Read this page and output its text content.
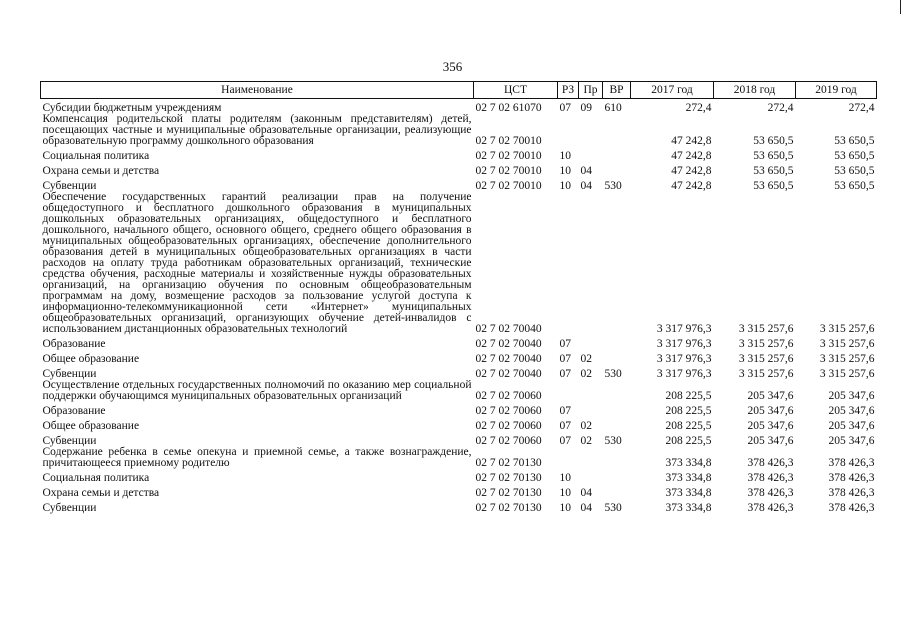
356
Наименование	ЦСТ	РЗ	Пр	ВР	2017 год	2018 год	2019 год
Субсидии бюджетным учреждениям	02 7 02 61070	07	09	610	272,4	272,4	272,4
Компенсация родительской платы родителям (законным представителям) детей, посещающих частные и муниципальные образовательные организации, реализующие образовательную программу дошкольного образования	02 7 02 70010				47 242,8	53 650,5	53 650,5
Социальная политика	02 7 02 70010	10			47 242,8	53 650,5	53 650,5
Охрана семьи и детства	02 7 02 70010	10	04		47 242,8	53 650,5	53 650,5
Субвенции	02 7 02 70010	10	04	530	47 242,8	53 650,5	53 650,5
Обеспечение государственных гарантий реализации прав на получение общедоступного и бесплатного дошкольного образования в муниципальных дошкольных образовательных организациях, общедоступного и бесплатного дошкольного, начального общего, основного общего, среднего общего образования в муниципальных общеобразовательных организациях, обеспечение дополнительного образования детей в муниципальных общеобразовательных организациях в части расходов на оплату труда работникам образовательных организаций, технические средства обучения, расходные материалы и хозяйственные нужды образовательных организаций, на организацию обучения по основным общеобразовательным программам на дому, возмещение расходов за пользование услугой доступа к информационно-телекоммуникационной сети «Интернет» муниципальных общеобразовательных организаций, организующих обучение детей-инвалидов с использованием дистанционных образовательных технологий	02 7 02 70040				3 317 976,3	3 315 257,6	3 315 257,6
Образование	02 7 02 70040	07			3 317 976,3	3 315 257,6	3 315 257,6
Общее образование	02 7 02 70040	07	02		3 317 976,3	3 315 257,6	3 315 257,6
Субвенции	02 7 02 70040	07	02	530	3 317 976,3	3 315 257,6	3 315 257,6
Осуществление отдельных государственных полномочий по оказанию мер социальной поддержки обучающимся муниципальных образовательных организаций	02 7 02 70060				208 225,5	205 347,6	205 347,6
Образование	02 7 02 70060	07			208 225,5	205 347,6	205 347,6
Общее образование	02 7 02 70060	07	02		208 225,5	205 347,6	205 347,6
Субвенции	02 7 02 70060	07	02	530	208 225,5	205 347,6	205 347,6
Содержание ребенка в семье опекуна и приемной семье, а также вознаграждение, причитающееся приемному родителю	02 7 02 70130				373 334,8	378 426,3	378 426,3
Социальная политика	02 7 02 70130	10			373 334,8	378 426,3	378 426,3
Охрана семьи и детства	02 7 02 70130	10	04		373 334,8	378 426,3	378 426,3
Субвенции	02 7 02 70130	10	04	530	373 334,8	378 426,3	378 426,3
